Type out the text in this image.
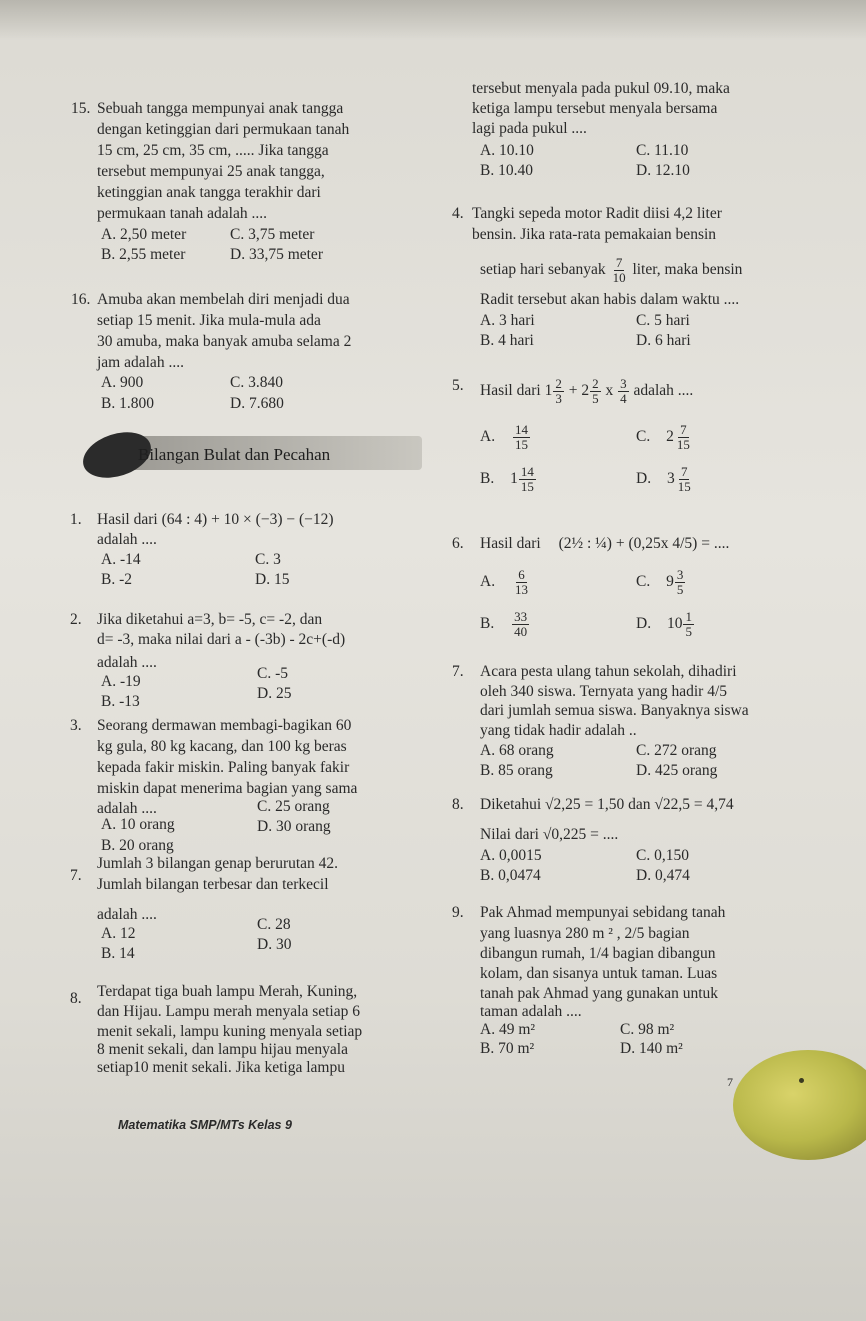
tersebut menyala pada pukul 09.10, maka
ketiga lampu tersebut menyala bersama
lagi pada pukul ....
A. 10.10
B. 10.40
C. 11.10
D. 12.10
15. Sebuah tangga mempunyai anak tangga
dengan ketinggian dari permukaan tanah
15 cm, 25 cm, 35 cm, ..... Jika tangga
tersebut mempunyai 25 anak tangga,
ketinggian anak tangga terakhir dari
permukaan tanah adalah ....
A. 2,50 meter
B. 2,55 meter
C. 3,75 meter
D. 33,75 meter
16. Amuba akan membelah diri menjadi dua
setiap 15 menit. Jika mula-mula ada
30 amuba, maka banyak amuba selama 2
jam adalah ....
A. 900
B. 1.800
C. 3.840
D. 7.680
Bilangan Bulat dan Pecahan
1. Hasil dari (64 : 4) + 10 × (−3) − (−12)
adalah ....
A. -14
B. -2
C. 3
D. 15
2. Jika diketahui a=3, b= -5, c= -2, dan
d= -3, maka nilai dari a - (-3b) - 2c+(-d)
adalah ....
A. -19
B. -13
C. -5
D. 25
3. Seorang dermawan membagi-bagikan 60
kg gula, 80 kg kacang, dan 100 kg beras
kepada fakir miskin. Paling banyak fakir
miskin dapat menerima bagian yang sama
adalah ....
A. 10 orang
B. 20 orang
C. 25 orang
D. 30 orang
7.
Jumlah 3 bilangan genap berurutan 42.
Jumlah bilangan terbesar dan terkecil
adalah ....
A. 12
B. 14
C. 28
D. 30
8. Terdapat tiga buah lampu Merah, Kuning,
dan Hijau. Lampu merah menyala setiap 6
menit sekali, lampu kuning menyala setiap
8 menit sekali, dan lampu hijau menyala
setiap10 menit sekali. Jika ketiga lampu
4. Tangki sepeda motor Radit diisi 4,2 liter
bensin. Jika rata-rata pemakaian bensin
setiap hari sebanyak $\frac{7}{10}$ liter, maka bensin
Radit tersebut akan habis dalam waktu ....
A. 3 hari
B. 4 hari
C. 5 hari
D. 6 hari
5. Hasil dari $1 \frac{2}{3} + 2 \frac{2}{5}$ x $\frac{3}{4}$ adalah ....
A. $\frac{14}{15}$
B. $1 \frac{14}{15}$
C. $2 \frac{7}{15}$
D. $3 \frac{7}{15}$
6. Hasil dari (2½ : ¼) + (0,25x 4/5) = ....
A. $\frac{6}{13}$
B. $\frac{33}{40}$
C. $9 \frac{3}{5}$
D. $10 \frac{1}{5}$
7. Acara pesta ulang tahun sekolah, dihadiri
oleh 340 siswa. Ternyata yang hadir 4/5
dari jumlah semua siswa. Banyaknya siswa
yang tidak hadir adalah ..
A. 68 orang
B. 85 orang
C. 272 orang
D. 425 orang
8. Diketahui √2,25 = 1,50 dan √22,5 = 4,74
Nilai dari √0,225 = ....
A. 0,0015
B. 0,0474
C. 0,150
D. 0,474
9. Pak Ahmad mempunyai sebidang tanah
yang luasnya 280 m ² , 2/5 bagian
dibangun rumah, 1/4 bagian dibangun
kolam, dan sisanya untuk taman. Luas
tanah pak Ahmad yang gunakan untuk
taman adalah ....
A. 49 m²
B. 70 m²
C. 98 m²
D. 140 m²
Matematika SMP/MTs Kelas 9
7
